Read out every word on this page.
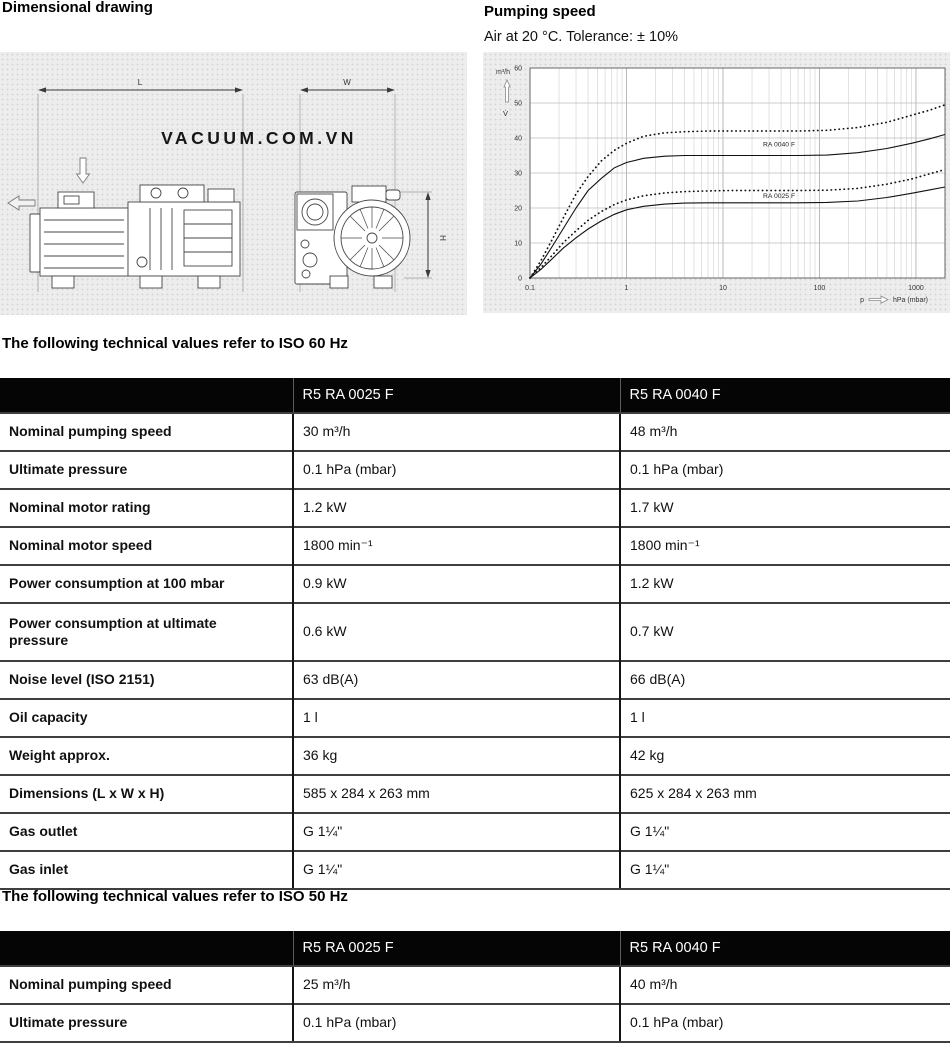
Dimensional drawing	Pumping speed
Air at 20 °C. Tolerance: ± 10%
L	W
H
VACUUM.COM.VN
0
10
20
30
40
50
60
0.1	1	10	100	1000
RA 0040 F
RA 0025 F
m³/h
V̇
p	hPa (mbar)
The following technical values refer to ISO 60 Hz
	R5 RA 0025 F	R5 RA 0040 F
Nominal pumping speed	30 m³/h	48 m³/h
Ultimate pressure	0.1 hPa (mbar)	0.1 hPa (mbar)
Nominal motor rating	1.2 kW	1.7 kW
Nominal motor speed	1800 min⁻¹	1800 min⁻¹
Power consumption at 100 mbar	0.9 kW	1.2 kW
Power consumption at ultimate pressure	0.6 kW	0.7 kW
Noise level (ISO 2151)	63 dB(A)	66 dB(A)
Oil capacity	1 l	1 l
Weight approx.	36 kg	42 kg
Dimensions (L x W x H)	585 x 284 x 263 mm	625 x 284 x 263 mm
Gas outlet	G 1¼"	G 1¼"
Gas inlet	G 1¼"	G 1¼"
The following technical values refer to ISO 50 Hz
	R5 RA 0025 F	R5 RA 0040 F
Nominal pumping speed	25 m³/h	40 m³/h
Ultimate pressure	0.1 hPa (mbar)	0.1 hPa (mbar)
